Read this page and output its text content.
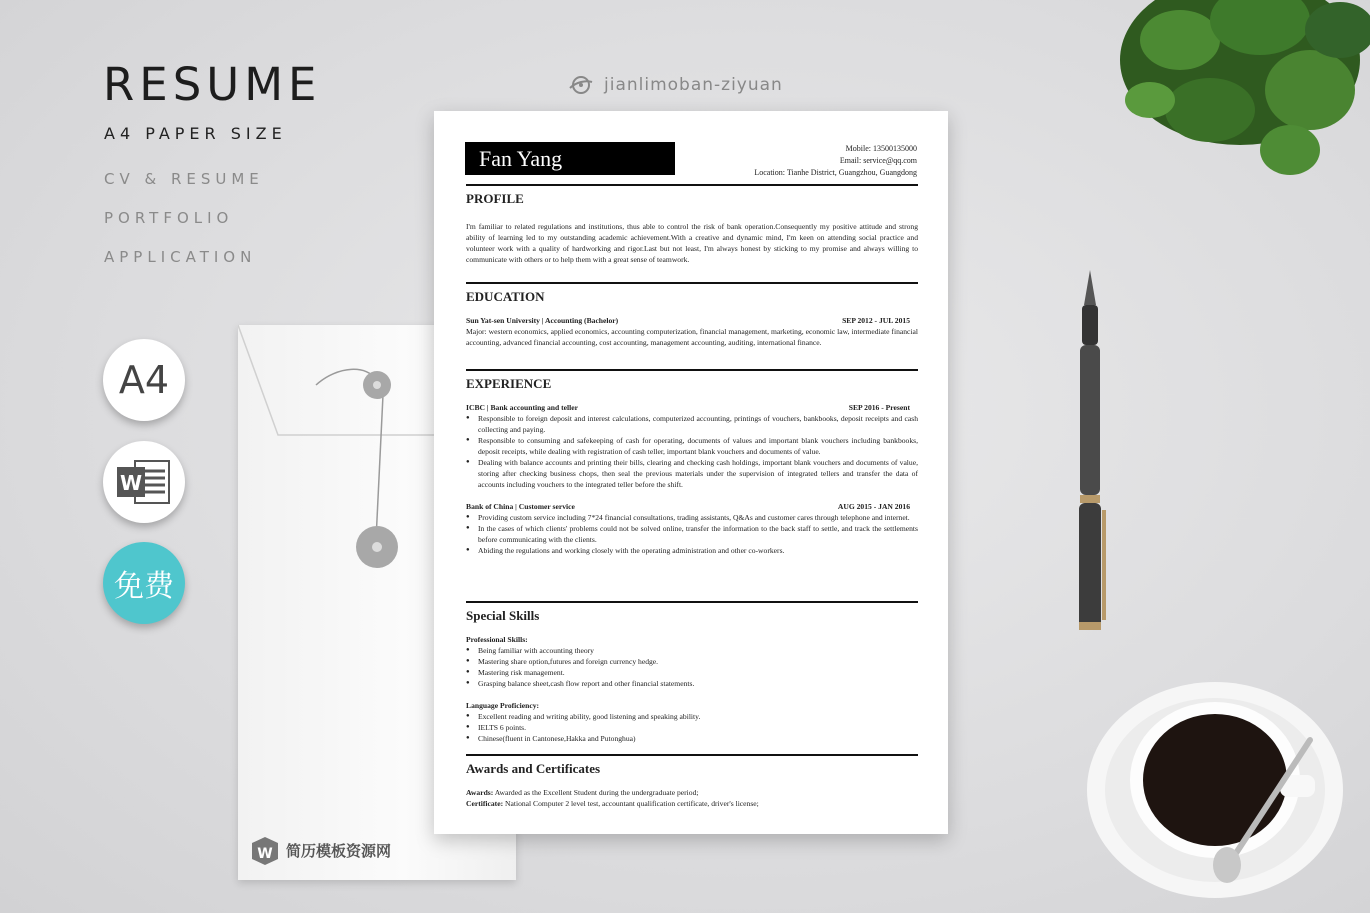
RESUME
A4 PAPER SIZE
CV & RESUME
PORTFOLIO
APPLICATION
A4
W
免费
W 简历模板资源网
jianlimoban-ziyuan
Fan Yang	Mobile: 13500135000
Email: service@qq.com
Location: Tianhe District, Guangzhou, Guangdong
PROFILE
I'm familiar to related regulations and institutions, thus able to control the risk of bank operation.Consequently my positive attitude and strong ability of learning led to my outstanding academic achievement.With a creative and dynamic mind, I'm keen on attending social practice and volunteer work with a quality of hardworking and rigor.Last but not least, I'm always honest by sticking to my promise and always willing to communicate with others or to help them with a great sense of teamwork.
EDUCATION
Sun Yat-sen University | Accounting (Bachelor)	SEP 2012 - JUL 2015
Major: western economics, applied economics, accounting computerization, financial management, marketing, economic law, intermediate financial accounting, advanced financial accounting, cost accounting, management accounting, auditing, international finance.
EXPERIENCE
ICBC | Bank accounting and teller	SEP 2016 - Present
● Responsible to foreign deposit and interest calculations, computerized accounting, printings of vouchers, bankbooks, deposit receipts and cash collecting and paying.
● Responsible to consuming and safekeeping of cash for operating, documents of values and important blank vouchers including bankbooks, deposit receipts, while dealing with registration of cash teller, important blank vouchers and documents of value.
● Dealing with balance accounts and printing their bills, clearing and checking cash holdings, important blank vouchers and documents of value, storing after checking business chops, then seal the previous materials under the supervision of integrated tellers and transfer the data of accounts including vouchers to the integrated teller before the shift.
Bank of China | Customer service	AUG 2015 - JAN 2016
● Providing custom service including 7*24 financial consultations, trading assistants, Q&As and customer cares through telephone and internet.
● In the cases of which clients' problems could not be solved online, transfer the information to the back staff to settle, and track the settlements before communicating with the clients.
● Abiding the regulations and working closely with the operating administration and other co-workers.
Special Skills
Professional Skills:
● Being familiar with accounting theory
● Mastering share option,futures and foreign currency hedge.
● Mastering risk management.
● Grasping balance sheet,cash flow report and other financial statements.
Language Proficiency:
● Excellent reading and writing ability, good listening and speaking ability.
● IELTS 6 points.
● Chinese(fluent in Cantonese,Hakka and Putonghua)
Awards and Certificates
Awards: Awarded as the Excellent Student during the undergraduate period;
Certificate: National Computer 2 level test, accountant qualification certificate, driver's license;
